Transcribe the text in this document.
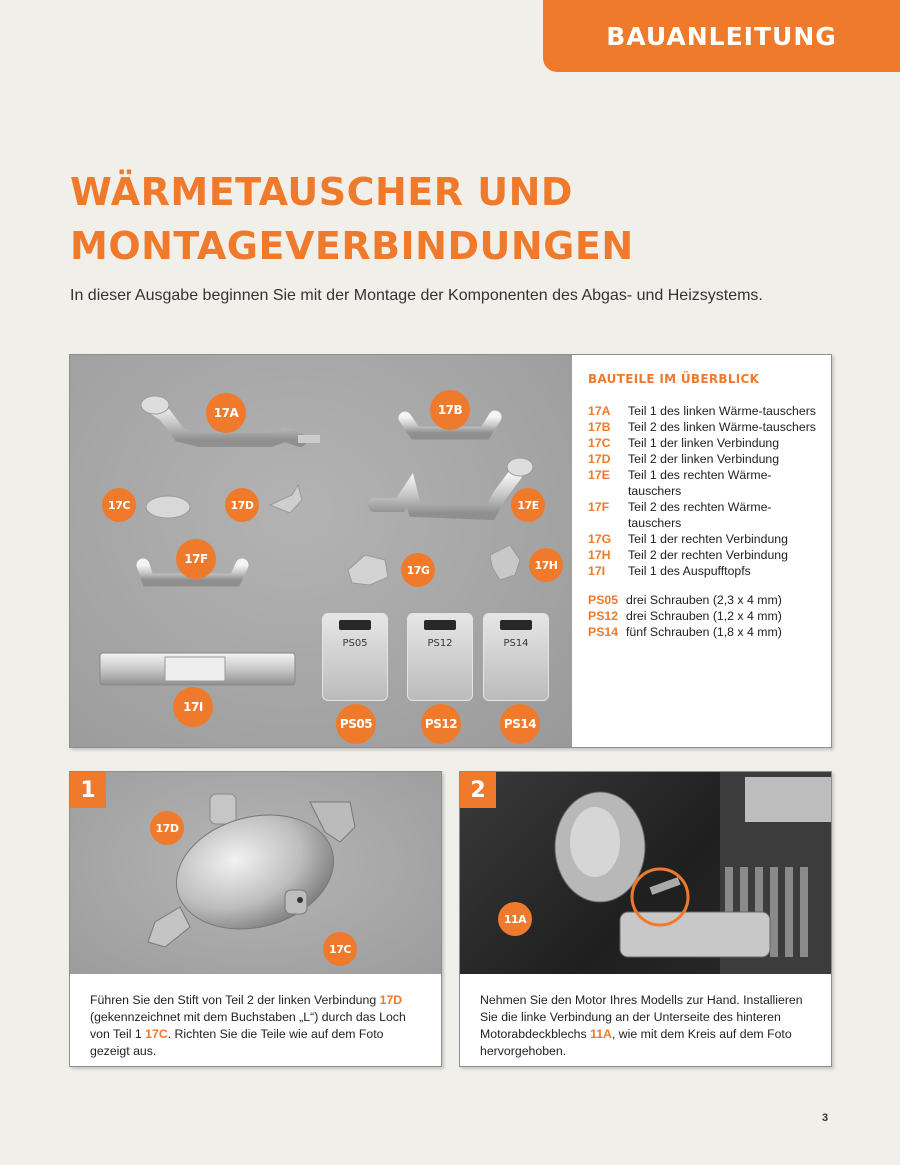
BAUANLEITUNG
WÄRMETAUSCHER UND
MONTAGEVERBINDUNGEN
In dieser Ausgabe beginnen Sie mit der Montage der Komponenten des Abgas- und Heizsystems.
17A	17B
17C	17D	17E
17F
17G	17H
17I
PS05	PS12	PS14
PS05	PS12	PS14
BAUTEILE IM ÜBERBLICK
17A	Teil 1 des linken Wärme-tauschers
17B	Teil 2 des linken Wärme-tauschers
17C	Teil 1 der linken Verbindung
17D	Teil 2 der linken Verbindung
17E	Teil 1 des rechten Wärme-tauschers
17F	Teil 2 des rechten Wärme-tauschers
17G	Teil 1 der rechten Verbindung
17H	Teil 2 der rechten Verbindung
17I	Teil 1 des Auspufftopfs
PS05 drei Schrauben (2,3 x 4 mm)
PS12 drei Schrauben (1,2 x 4 mm)
PS14 fünf Schrauben (1,8 x 4 mm)
17D
17C
1
Führen Sie den Stift von Teil 2 der linken Verbindung 17D (gekennzeichnet mit dem Buchstaben „L“) durch das Loch von Teil 1 17C. Richten Sie die Teile wie auf dem Foto gezeigt aus.
11A
2
Nehmen Sie den Motor Ihres Modells zur Hand. Installieren Sie die linke Verbindung an der Unterseite des hinteren Motorabdeckblechs 11A, wie mit dem Kreis auf dem Foto hervorgehoben.
3
